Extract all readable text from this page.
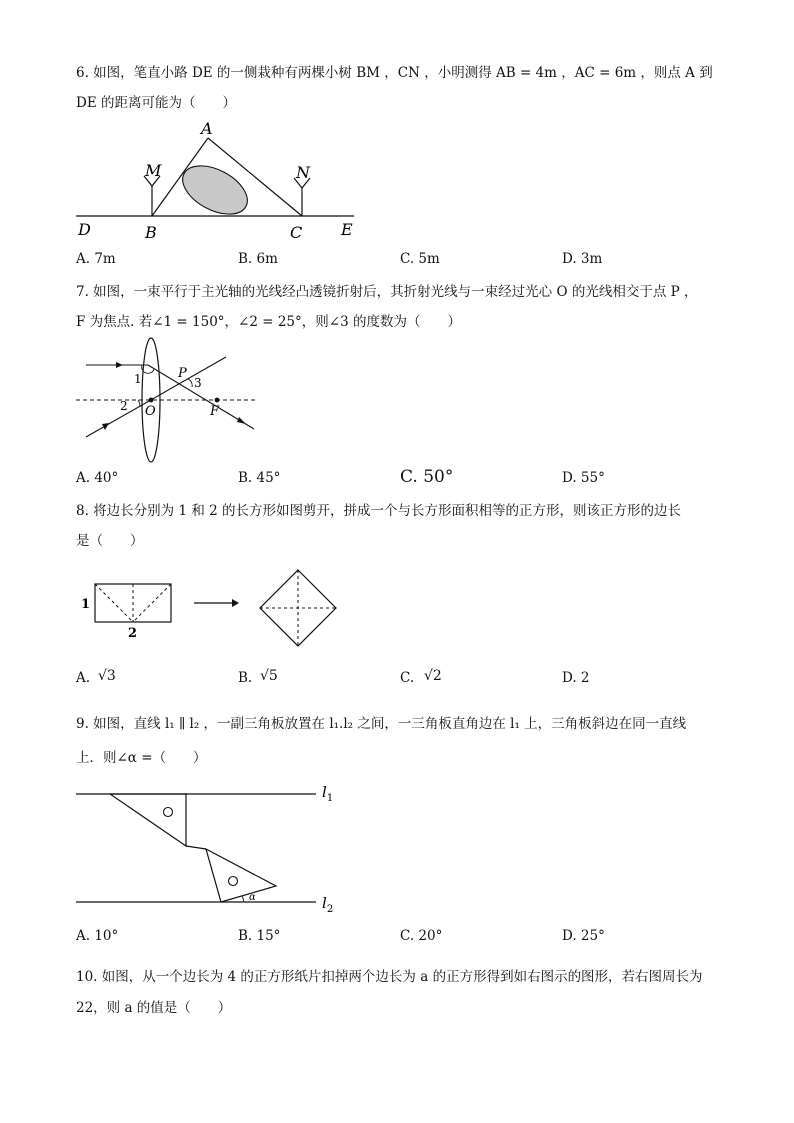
6. 如图，笔直小路 DE 的一侧栽种有两棵小树 BM ，CN ，小明测得 AB = 4m ，AC = 6m ，则点 A 到
DE 的距离可能为（　　）
A
M	N
D	B	C E
A. 7m	B. 6m	C. 5m	D. 3m
7. 如图，一束平行于主光轴的光线经凸透镜折射后，其折射光线与一束经过光心 O 的光线相交于点 P ，
F 为焦点. 若∠1 = 150°，∠2 = 25°，则∠3 的度数为（　　）
1
2
3
P
O	F
A. 40°	B. 45°	C. 50°	D. 55°
8. 将边长分别为 1 和 2 的长方形如图剪开，拼成一个与长方形面积相等的正方形，则该正方形的边长
是（　　）
1
2
A. √3	B. √5	C. √2	D. 2
9. 如图，直线 l₁ ∥ l₂ ，一副三角板放置在 l₁.l₂ 之间，一三角板直角边在 l₁ 上，三角板斜边在同一直线
上．则∠α =（　　）
α
$l_1$
$l_2$
A. 10°	B. 15°	C. 20°	D. 25°
10. 如图，从一个边长为 4 的正方形纸片扣掉两个边长为 a 的正方形得到如右图示的图形，若右图周长为
22，则 a 的值是（　　）
